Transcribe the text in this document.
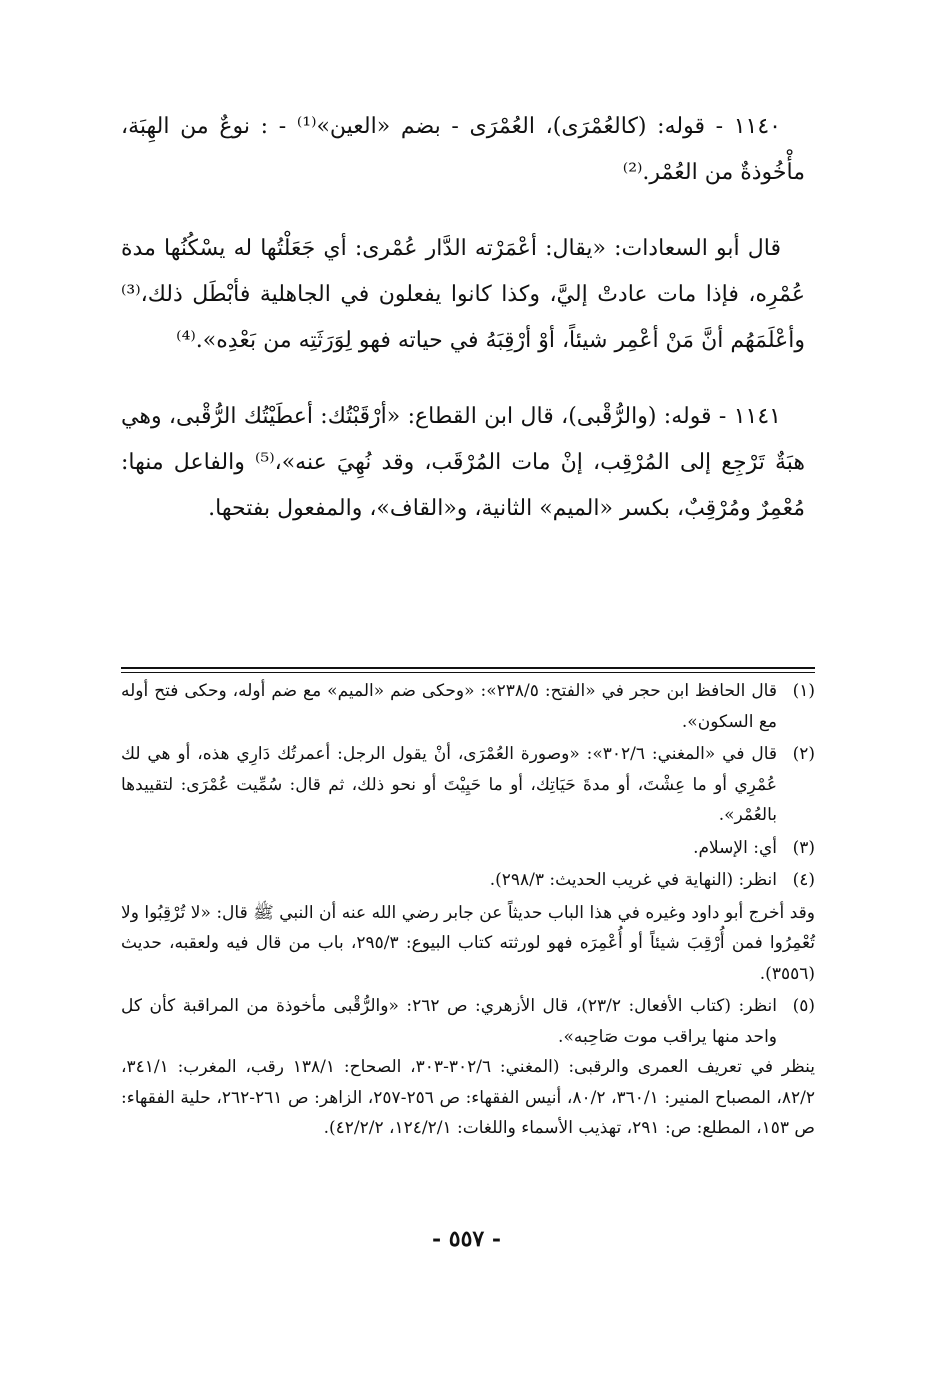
١١٤٠ - قوله: (كالعُمْرَى)، العُمْرَى - بضم «العين»⁽¹⁾ - : نوعٌ من الهِبَة، مأْخُوذةٌ من العُمْر.⁽²⁾

قال أبو السعادات: «يقال: أعْمَرْته الدَّار عُمْرى: أي جَعَلْتُها له يسْكُنُها مدة عُمْرِه، فإذا مات عادتْ إليَّ، وكذا كانوا يفعلون في الجاهلية فأبْطَل ذلك،⁽³⁾ وأعْلَمَهُم أنَّ مَنْ أعْمِر شيئاً، أوْ أرْقِبَهُ في حياته فهو لِوَرَثَتِه من بَعْدِه».⁽⁴⁾

١١٤١ - قوله: (والرُّقْبى)، قال ابن القطاع: «أرْقَبْتُك: أعطَيْتُك الرُّقْبى، وهي هبَةٌ تَرْجِع إلى المُرْقِب، إنْ مات المُرْقَب، وقد نُهِيَ عنه»،⁽⁵⁾ والفاعل منها: مُعْمِرٌ ومُرْقِبٌ، بكسر «الميم» الثانية، و«القاف»، والمفعول بفتحها.

(١)

قال الحافظ ابن حجر في «الفتح: ٢٣٨/٥»: «وحكى ضم «الميم» مع ضم أوله، وحكى فتح أوله مع السكون».

(٢)

قال في «المغني: ٣٠٢/٦»: «وصورة العُمْرَى، أنْ يقول الرجل: أعمرتُك دَارِي هذه، أو هي لك عُمْرِي أو ما عِشْتَ، أو مدةَ حَيَاتِك، أو ما حَيِيْتَ أو نحو ذلك، ثم قال: سُمِّيت عُمْرَى: لتقييدها بالعُمْر».

(٣)

أي: الإسلام.

(٤)

انظر: (النهاية في غريب الحديث: ٢٩٨/٣).

وقد أخرج أبو داود وغيره في هذا الباب حديثاً عن جابر رضي الله عنه أن النبي ﷺ قال: «لا تُرْقِبُوا ولا تُعْمِرُوا فمن أُرْقِبَ شيئاً أو أُعْمِرَه فهو لورثته كتاب البيوع: ٢٩٥/٣، باب من قال فيه ولعقبه، حديث (٣٥٥٦).

(٥)

انظر: (كتاب الأفعال: ٢٣/٢)، قال الأزهري: ص ٢٦٢: «والرُّقْبى مأخوذة من المراقبة كأن كل واحد منها يراقب موت صَاحِبه».

ينظر في تعريف العمرى والرقبى: (المغني: ٣٠٢/٦-٣٠٣، الصحاح: ١٣٨/١ رقب، المغرب: ٣٤١/١، ٨٢/٢، المصباح المنير: ٣٦٠/١، ٨٠/٢، أنيس الفقهاء: ص ٢٥٦-٢٥٧، الزاهر: ص ٢٦١-٢٦٢، حلية الفقهاء: ص ١٥٣، المطلع: ص: ٢٩١، تهذيب الأسماء واللغات: ١٢٤/٢/١، ٤٢/٢/٢).

- ٥٥٧ -
